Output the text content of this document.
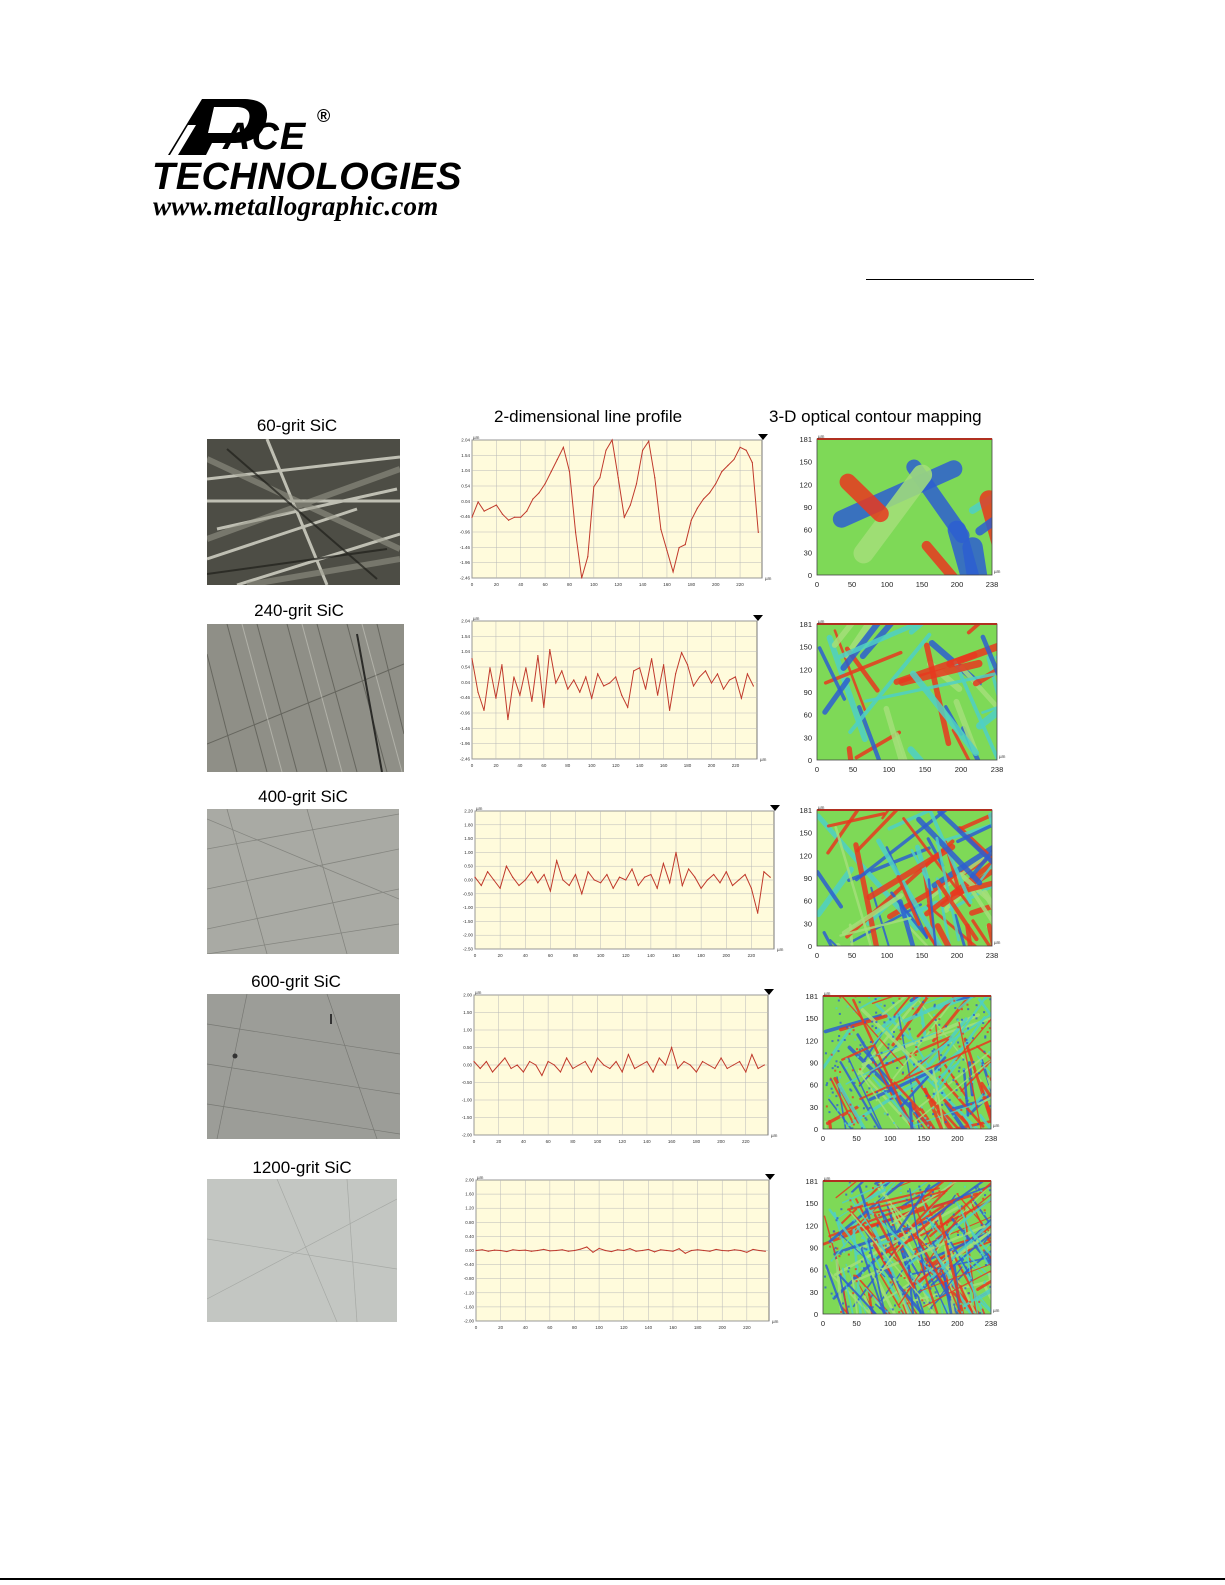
ACE ®
TECHNOLOGIES
www.metallographic.com
2-dimensional line profile	3-D optical contour mapping
60-grit SiC
240-grit SiC
400-grit SiC
600-grit SiC
1200-grit SiC
0	20	40	60	80	100	120	140	160	180	200	220
2.04
1.54
1.04
0.54
0.04
-0.46
-0.96
-1.46
-1.96
-2.46
µm
µm
0	20	40	60	80	100	120	140	160	180	200	220
2.04
1.54
1.04
0.54
0.04
-0.46
-0.96
-1.46
-1.96
-2.46
µm
µm
0	20	40	60	80	100	120	140	160	180	200	220
2.20
1.80
1.50
1.00
0.50
0.00
-0.50
-1.00
-1.50
-2.00
-2.50
µm
µm
0	20	40	60	80	100	120	140	160	180	200	220
2.00
1.50
1.00
0.50
0.00
-0.50
-1.00
-1.50
-2.00
µm
µm
0	20	40	60	80	100	120	140	160	180	200	220
2.00
1.60
1.20
0.80
0.40
0.00
-0.40
-0.80
-1.20
-1.60
-2.00
µm
µm
0	50	100	150	200	238
181
150
120
90
60
30
0
µm
µm
0	50	100	150	200	238
181
150
120
90
60
30
0
µm
µm
0	50	100	150	200	238
181
150
120
90
60
30
0
µm
µm
0	50	100	150	200	238
181
150
120
90
60
30
0
µm
µm
0	50	100	150	200	238
181
150
120
90
60
30
0
µm
µm
